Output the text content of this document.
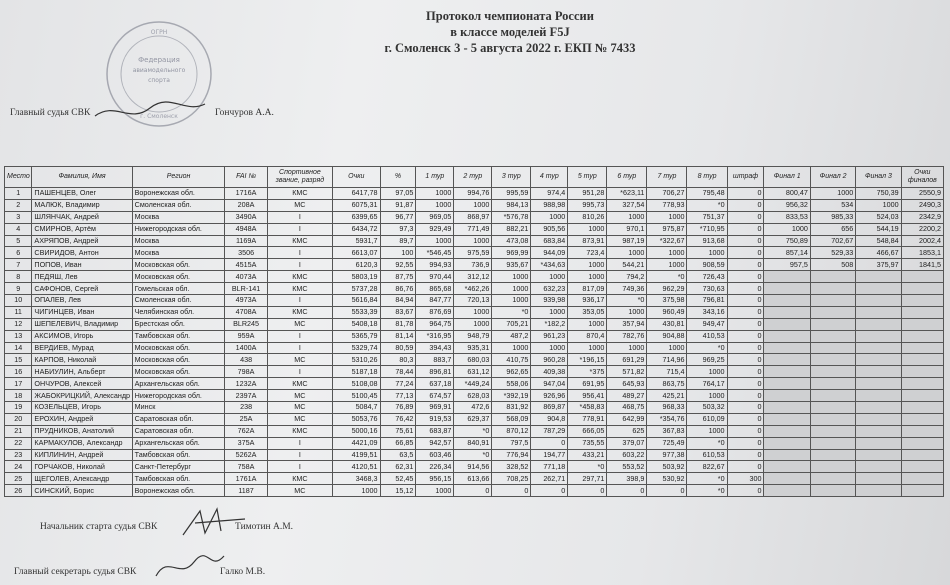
Протокол чемпионата России
в классе моделей F5J
г. Смоленск 3 - 5 августа 2022 г. ЕКП № 7433
Федерация
авиамодельного
спорта
ОГРН
г. Смоленск
Главный судья СВК	Гончуров А.А.
Место	Фамилия, Имя	Регион	FAI №	Спортивное звание, разряд	Очки	%	1 тур	2 тур	3 тур	4 тур	5 тур	6 тур	7 тур	8 тур	штраф	Финал 1	Финал 2	Финал 3	Очки финалов
1	ПАШЕНЦЕВ, Олег	Воронежская обл.	1716А	КМС	6417,78	97,05	1000	994,76	995,59	974,4	951,28	*623,11	706,27	795,48	0	800,47	1000	750,39	2550,9
2	МАЛЮК, Владимир	Смоленская обл.	208А	МС	6075,31	91,87	1000	1000	984,13	988,98	995,73	327,54	778,93	*0	0	956,32	534	1000	2490,3
3	ШЛЯНЧАК, Андрей	Москва	3490А	I	6399,65	96,77	969,05	868,97	*576,78	1000	810,26	1000	1000	751,37	0	833,53	985,33	524,03	2342,9
4	СМИРНОВ, Артём	Нижегородская обл.	4948А	I	6434,72	97,3	929,49	771,49	882,21	905,56	1000	970,1	975,87	*710,95	0	1000	656	544,19	2200,2
5	АХРЯПОВ, Андрей	Москва	1169А	КМС	5931,7	89,7	1000	1000	473,08	683,84	873,91	987,19	*322,67	913,68	0	750,89	702,67	548,84	2002,4
6	СВИРИДОВ, Антон	Москва	3506	I	6613,07	100	*546,45	975,59	969,99	944,09	723,4	1000	1000	1000	0	857,14	529,33	466,67	1853,1
7	ПОПОВ, Иван	Московская обл.	4515А	I	6120,3	92,55	994,93	736,9	935,67	*434,63	1000	544,21	1000	908,59	0	957,5	508	375,97	1841,5
8	ПЕДЯШ, Лев	Московская обл.	4073А	КМС	5803,19	87,75	970,44	312,12	1000	1000	1000	794,2	*0	726,43	0				
9	САФОНОВ, Сергей	Гомельская обл.	BLR-141	КМС	5737,28	86,76	865,68	*462,26	1000	632,23	817,09	749,36	962,29	730,63	0				
10	ОПАЛЕВ, Лев	Смоленская обл.	4973А	I	5616,84	84,94	847,77	720,13	1000	939,98	936,17	*0	375,98	796,81	0				
11	ЧИГИНЦЕВ, Иван	Челябинская обл.	4708А	КМС	5533,39	83,67	876,69	1000	*0	1000	353,05	1000	960,49	343,16	0				
12	ШЕПЕЛЕВИЧ, Владимир	Брестская обл.	BLR245	МС	5408,18	81,78	964,75	1000	705,21	*182,2	1000	357,94	430,81	949,47	0				
13	АКСИМОВ, Игорь	Тамбовская обл.	959А	I	5365,79	81,14	*316,95	948,79	487,2	961,23	870,4	782,76	904,88	410,53	0				
14	ВЕРДИЕВ, Мурад	Московская обл.	1400А	I	5329,74	80,59	394,43	935,31	1000	1000	1000	1000	1000	*0	0				
15	КАРПОВ, Николай	Московская обл.	438	МС	5310,26	80,3	883,7	680,03	410,75	960,28	*196,15	691,29	714,96	969,25	0				
16	НАБИУЛИН, Альберт	Московская обл.	798А	I	5187,18	78,44	896,81	631,12	962,65	409,38	*375	571,82	715,4	1000	0				
17	ОНЧУРОВ, Алексей	Архангельская обл.	1232А	КМС	5108,08	77,24	637,18	*449,24	558,06	947,04	691,95	645,93	863,75	764,17	0				
18	ЖАБОКРИЦКИЙ, Александр	Нижегородская обл.	2397А	МС	5100,45	77,13	674,57	628,03	*392,19	926,96	956,41	489,27	425,21	1000	0				
19	КОЗЕЛЬЦЕВ, Игорь	Минск	238	МС	5084,7	76,89	969,91	472,6	831,92	869,87	*458,83	468,75	968,33	503,32	0				
20	ЕРОХИН, Андрей	Саратовская обл.	25А	МС	5053,76	76,42	919,53	629,37	568,09	904,8	778,91	642,99	*354,76	610,09	0				
21	ПРУДНИКОВ, Анатолий	Саратовская обл.	762А	КМС	5000,16	75,61	683,87	*0	870,12	787,29	666,05	625	367,83	1000	0				
22	КАРМАКУЛОВ, Александр	Архангельская обл.	375А	I	4421,09	66,85	942,57	840,91	797,5	0	735,55	379,07	725,49	*0	0				
23	КИПЛИНИН, Андрей	Тамбовская обл.	5262А	I	4199,51	63,5	603,46	*0	776,94	194,77	433,21	603,22	977,38	610,53	0				
24	ГОРЧАКОВ, Николай	Санкт-Петербург	758А	I	4120,51	62,31	226,34	914,56	328,52	771,18	*0	553,52	503,92	822,67	0				
25	ЩЕГОЛЕВ, Александр	Тамбовская обл.	1761А	КМС	3468,3	52,45	956,15	613,66	708,25	262,71	297,71	398,9	530,92	*0	300				
26	СИНСКИЙ, Борис	Воронежская обл.	1187	МС	1000	15,12	1000	0	0	0	0	0	0	*0	0				
Начальник старта судья СВК	Тимотин А.М.
Главный секретарь судья СВК	Галко М.В.
